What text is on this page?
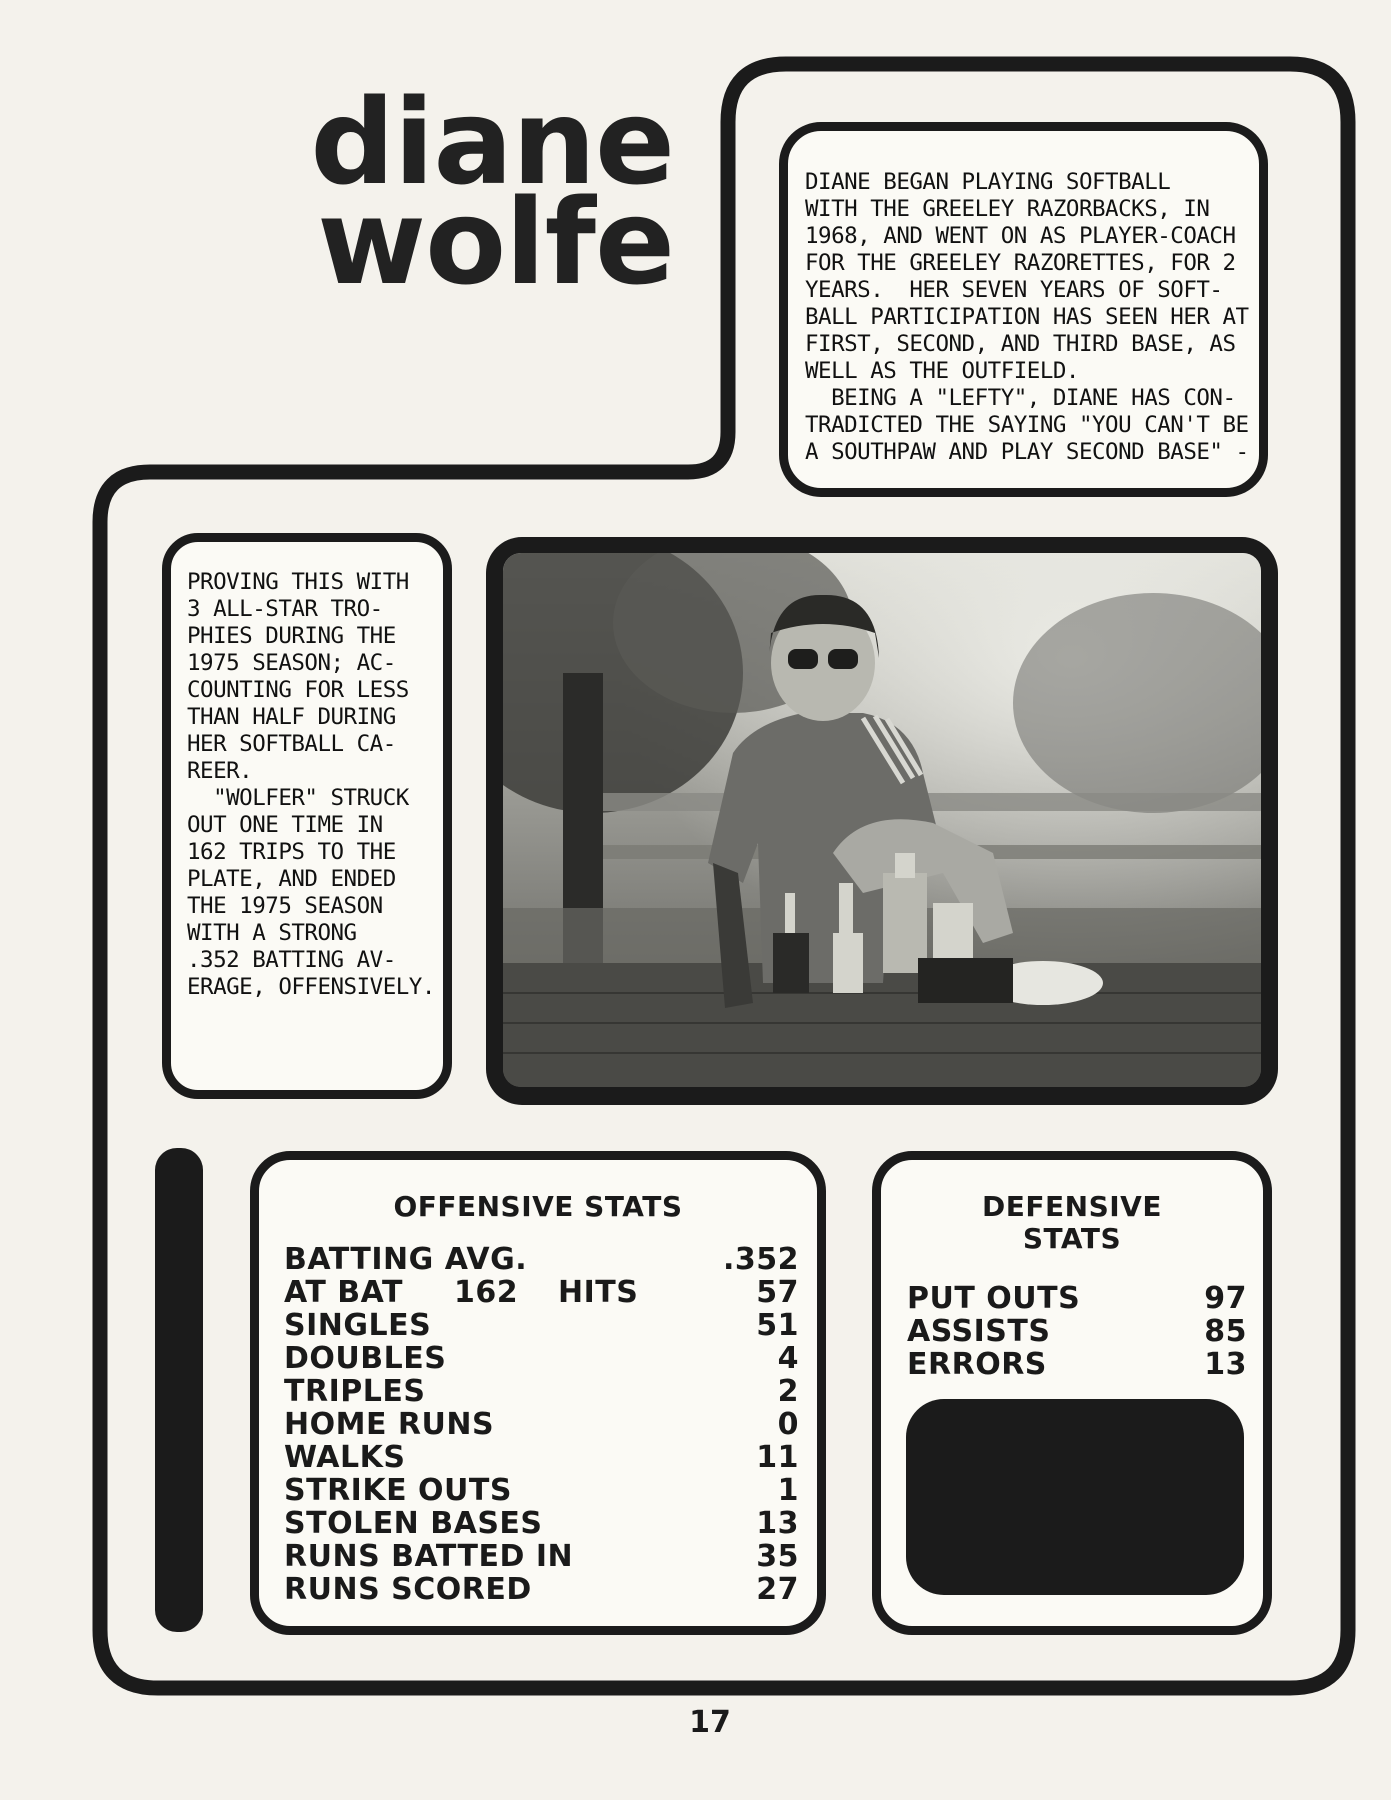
diane
wolfe	DIANE BEGAN PLAYING SOFTBALL
WITH THE GREELEY RAZORBACKS, IN
1968, AND WENT ON AS PLAYER-COACH
FOR THE GREELEY RAZORETTES, FOR 2
YEARS.  HER SEVEN YEARS OF SOFT-
BALL PARTICIPATION HAS SEEN HER AT
FIRST, SECOND, AND THIRD BASE, AS
WELL AS THE OUTFIELD.
BEING A "LEFTY", DIANE HAS CON-
TRADICTED THE SAYING "YOU CAN'T BE
A SOUTHPAW AND PLAY SECOND BASE" -
PROVING THIS WITH
3 ALL-STAR TRO-
PHIES DURING THE
1975 SEASON; AC-
COUNTING FOR LESS
THAN HALF DURING
HER SOFTBALL CA-
REER.
"WOLFER" STRUCK
OUT ONE TIME IN
162 TRIPS TO THE
PLATE, AND ENDED
THE 1975 SEASON
WITH A STRONG
.352 BATTING AV-
ERAGE, OFFENSIVELY.
OFFENSIVE STATS
BATTING AVG.	.352
AT BAT	162	HITS	57
SINGLES	51
DOUBLES	4
TRIPLES	2
HOME RUNS	0
WALKS	11
STRIKE OUTS	1
STOLEN BASES	13
RUNS BATTED IN	35
RUNS SCORED	27
DEFENSIVE
STATS
PUT OUTS	97
ASSISTS	85
ERRORS	13
17
